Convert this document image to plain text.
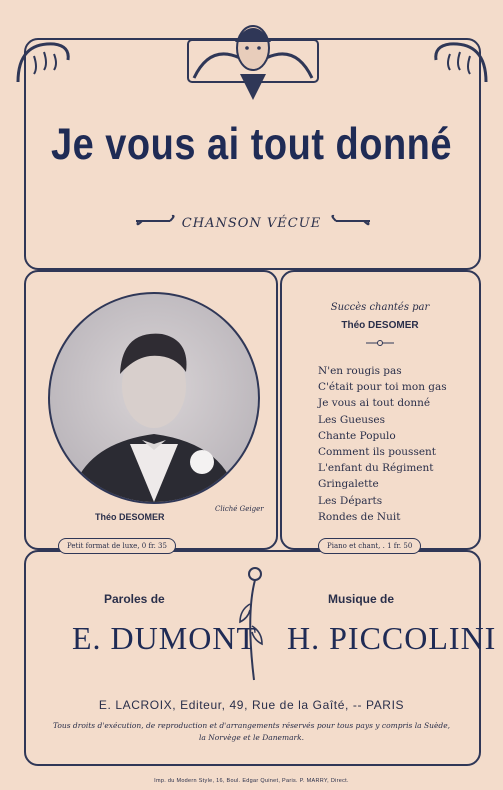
Je vous ai tout donné
CHANSON VÉCUE
Théo DESOMER
Cliché Geiger
Succès chantés par
Théo DESOMER
N'en rougis pas
C'était pour toi mon gas
Je vous ai tout donné
Les Gueuses
Chante Populo
Comment ils poussent
L'enfant du Régiment
Gringalette
Les Départs
Rondes de Nuit
Petit format de luxe, 0 fr. 35	Piano et chant, . 1 fr. 50
Paroles de	Musique de
E. DUMONT H. PICCOLINI
E. LACROIX, Editeur, 49, Rue de la Gaîté, -- PARIS
Tous droits d'exécution, de reproduction et d'arrangements réservés pour tous pays y compris la Suède,
la Norvège et le Danemark.
Imp. du Modern Style, 16, Boul. Edgar Quinet, Paris. P. MARRY, Direct.
